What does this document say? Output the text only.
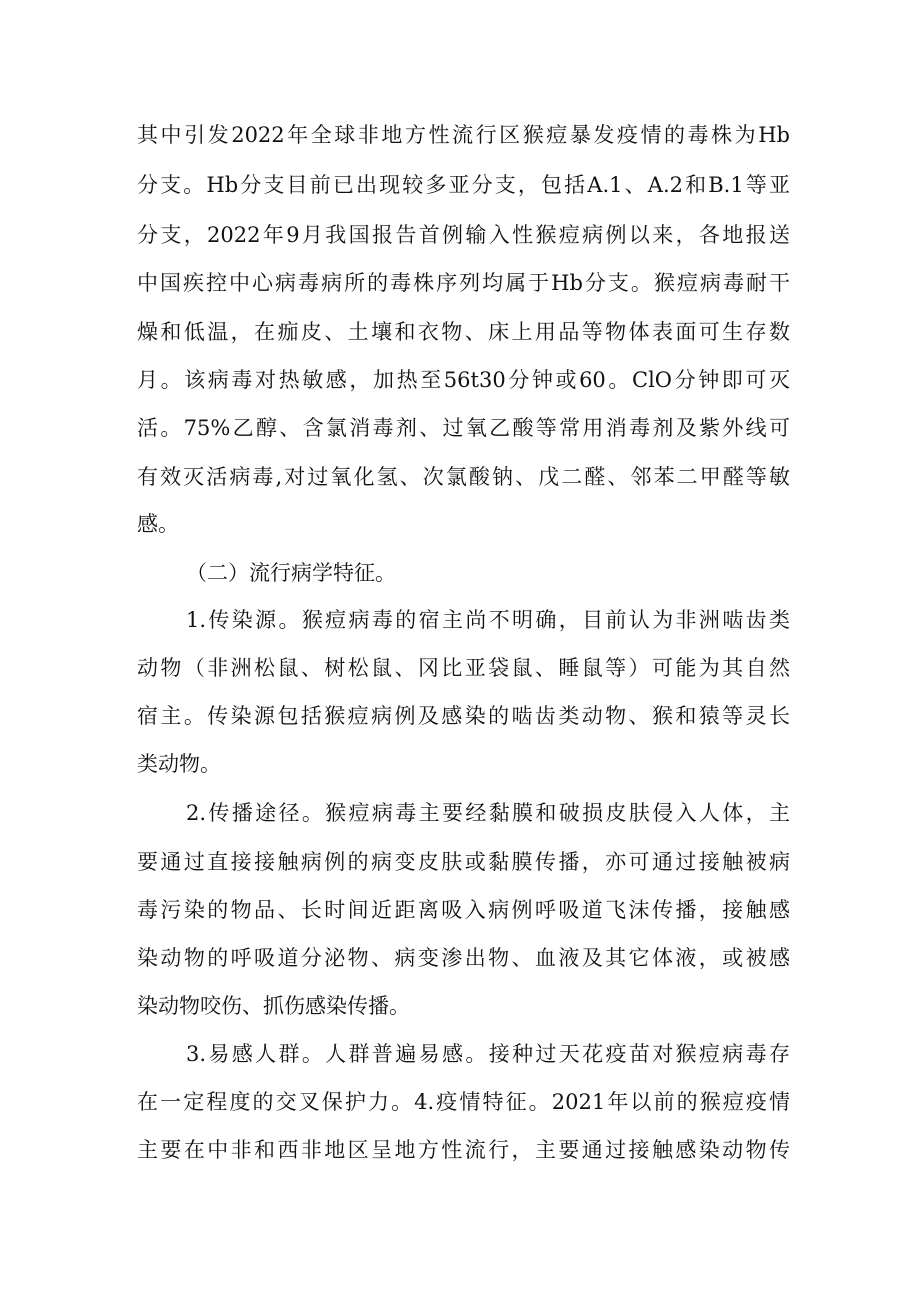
其中引发2022年全球非地方性流行区猴痘暴发疫情的毒株为Hb
分支。Hb分支目前已出现较多亚分支，包括A.1、A.2和B.1等亚
分支，2022年9月我国报告首例输入性猴痘病例以来，各地报送
中国疾控中心病毒病所的毒株序列均属于Hb分支。猴痘病毒耐干
燥和低温，在痂皮、土壤和衣物、床上用品等物体表面可生存数
月。该病毒对热敏感，加热至56t30分钟或60。ClO分钟即可灭
活。75%乙醇、含氯消毒剂、过氧乙酸等常用消毒剂及紫外线可
有效灭活病毒,对过氧化氢、次氯酸钠、戊二醛、邻苯二甲醛等敏
感。
（二）流行病学特征。
1.传染源。猴痘病毒的宿主尚不明确，目前认为非洲啮齿类
动物（非洲松鼠、树松鼠、冈比亚袋鼠、睡鼠等）可能为其自然
宿主。传染源包括猴痘病例及感染的啮齿类动物、猴和猿等灵长
类动物。
2.传播途径。猴痘病毒主要经黏膜和破损皮肤侵入人体，主
要通过直接接触病例的病变皮肤或黏膜传播，亦可通过接触被病
毒污染的物品、长时间近距离吸入病例呼吸道飞沫传播，接触感
染动物的呼吸道分泌物、病变渗出物、血液及其它体液，或被感
染动物咬伤、抓伤感染传播。
3.易感人群。人群普遍易感。接种过天花疫苗对猴痘病毒存
在一定程度的交叉保护力。4.疫情特征。2021年以前的猴痘疫情
主要在中非和西非地区呈地方性流行，主要通过接触感染动物传
